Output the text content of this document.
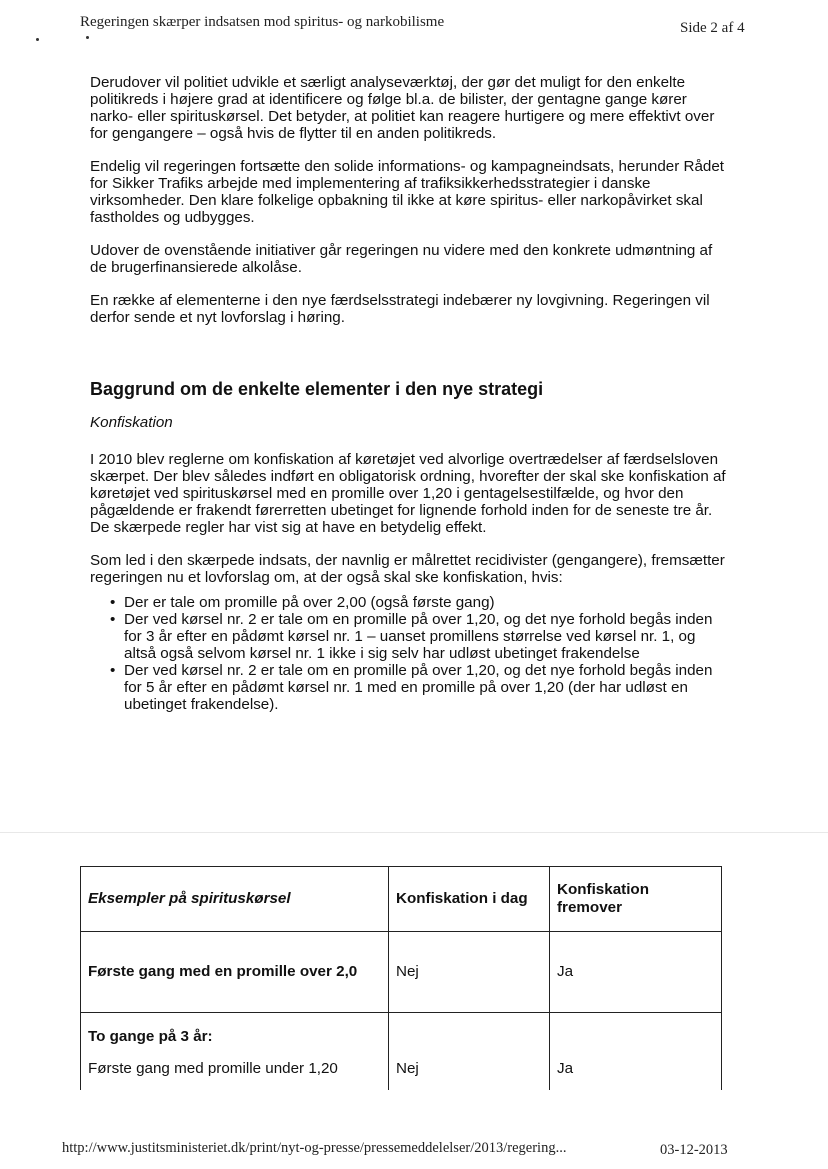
Regeringen skærper indsatsen mod spiritus- og narkobilisme	Side 2 af 4

Derudover vil politiet udvikle et særligt analyseværktøj, der gør det muligt for den enkelte politikreds i højere grad at identificere og følge bl.a. de bilister, der gentagne gange kører narko- eller spirituskørsel. Det betyder, at politiet kan reagere hurtigere og mere effektivt over for gengangere – også hvis de flytter til en anden politikreds.

Endelig vil regeringen fortsætte den solide informations- og kampagneindsats, herunder Rådet for Sikker Trafiks arbejde med implementering af trafiksikkerhedsstrategier i danske virksomheder. Den klare folkelige opbakning til ikke at køre spiritus- eller narkopåvirket skal fastholdes og udbygges.

Udover de ovenstående initiativer går regeringen nu videre med den konkrete udmøntning af de brugerfinansierede alkolåse.

En række af elementerne i den nye færdselsstrategi indebærer ny lovgivning. Regeringen vil derfor sende et nyt lovforslag i høring.

Baggrund om de enkelte elementer i den nye strategi
Konfiskation

I 2010 blev reglerne om konfiskation af køretøjet ved alvorlige overtrædelser af færdselsloven skærpet. Der blev således indført en obligatorisk ordning, hvorefter der skal ske konfiskation af køretøjet ved spirituskørsel med en promille over 1,20 i gentagelsestilfælde, og hvor den pågældende er frakendt førerretten ubetinget for lignende forhold inden for de seneste tre år. De skærpede regler har vist sig at have en betydelig effekt.

Som led i den skærpede indsats, der navnlig er målrettet recidivister (gengangere), fremsætter regeringen nu et lovforslag om, at der også skal ske konfiskation, hvis:

• Der er tale om promille på over 2,00 (også første gang)
• Der ved kørsel nr. 2 er tale om en promille på over 1,20, og det nye forhold begås inden for 3 år efter en pådømt kørsel nr. 1 – uanset promillens størrelse ved kørsel nr. 1, og altså også selvom kørsel nr. 1 ikke i sig selv har udløst ubetinget frakendelse
• Der ved kørsel nr. 2 er tale om en promille på over 1,20, og det nye forhold begås inden for 5 år efter en pådømt kørsel nr. 1 med en promille på over 1,20 (der har udløst en ubetinget frakendelse).
Eksempler på spirituskørsel	Konfiskation i dag	Konfiskation fremover
Første gang med en promille over 2,0	Nej	Ja
To gange på 3 år:
Første gang med promille under 1,20	Nej	Ja
http://www.justitsministeriet.dk/print/nyt-og-presse/pressemeddelelser/2013/regering...	03-12-2013
